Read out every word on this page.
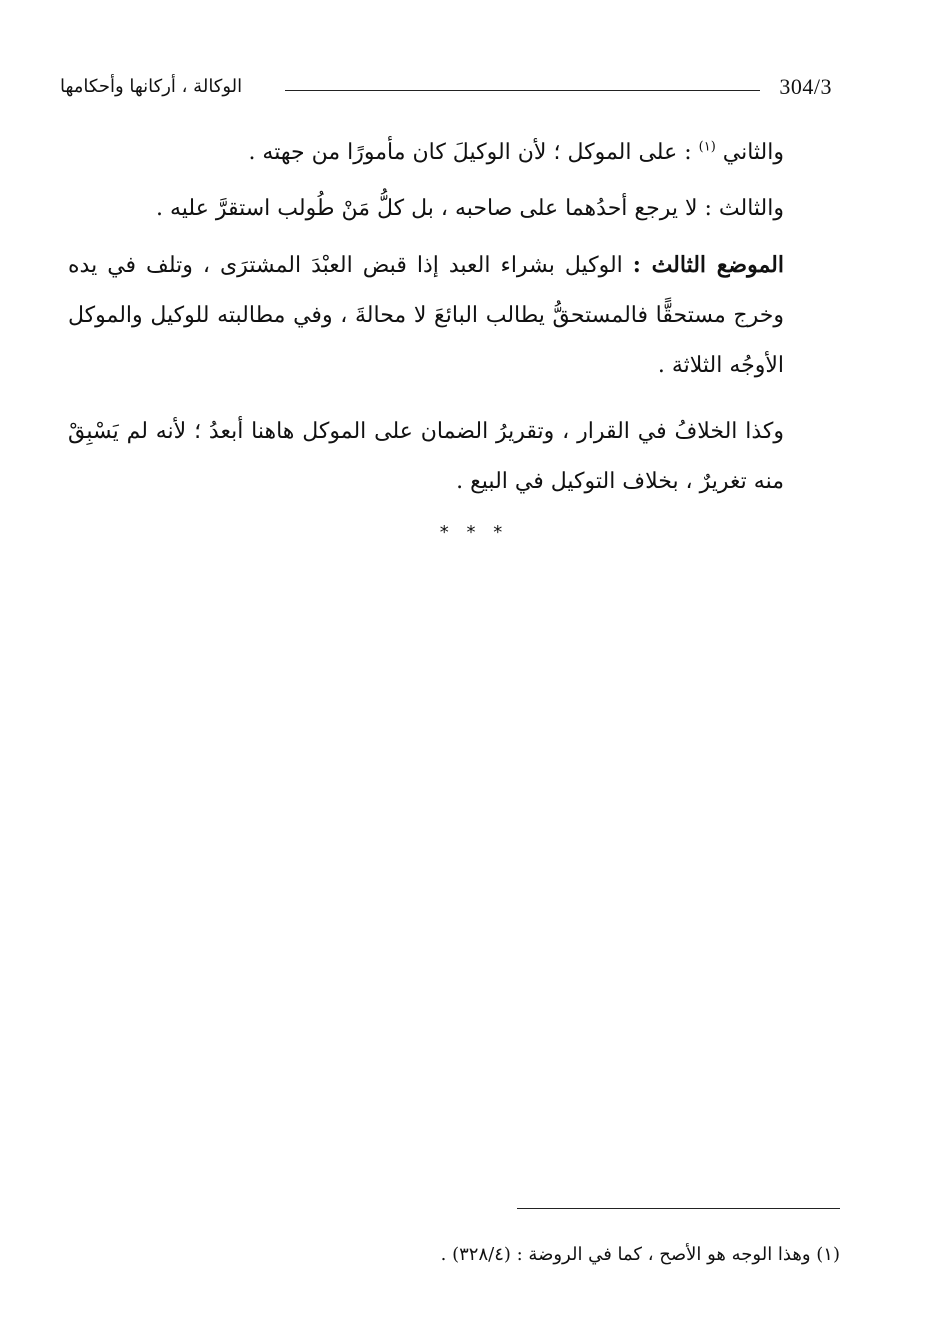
304/3
الوكالة ، أركانها وأحكامها

والثاني $^{(١)}$ : على الموكل ؛ لأن الوكيلَ كان مأمورًا من جهته .

والثالث : لا يرجع أحدُهما على صاحبه ، بل كلُّ مَنْ طُولب استقرَّ عليه .

الموضع الثالث : الوكيل بشراء العبد إذا قبض العبْدَ المشترَى ، وتلف في يده وخرج مستحقًّا فالمستحقُّ يطالب البائعَ لا محالةَ ، وفي مطالبته للوكيل والموكل الأوجُه الثلاثة .

وكذا الخلافُ في القرار ، وتقريرُ الضمان على الموكل هاهنا أبعدُ ؛ لأنه لم يَسْبِقْ منه تغريرٌ ، بخلاف التوكيل في البيع .

* * *
(١) وهذا الوجه هو الأصح ، كما في الروضة : (٣٢٨/٤) .
